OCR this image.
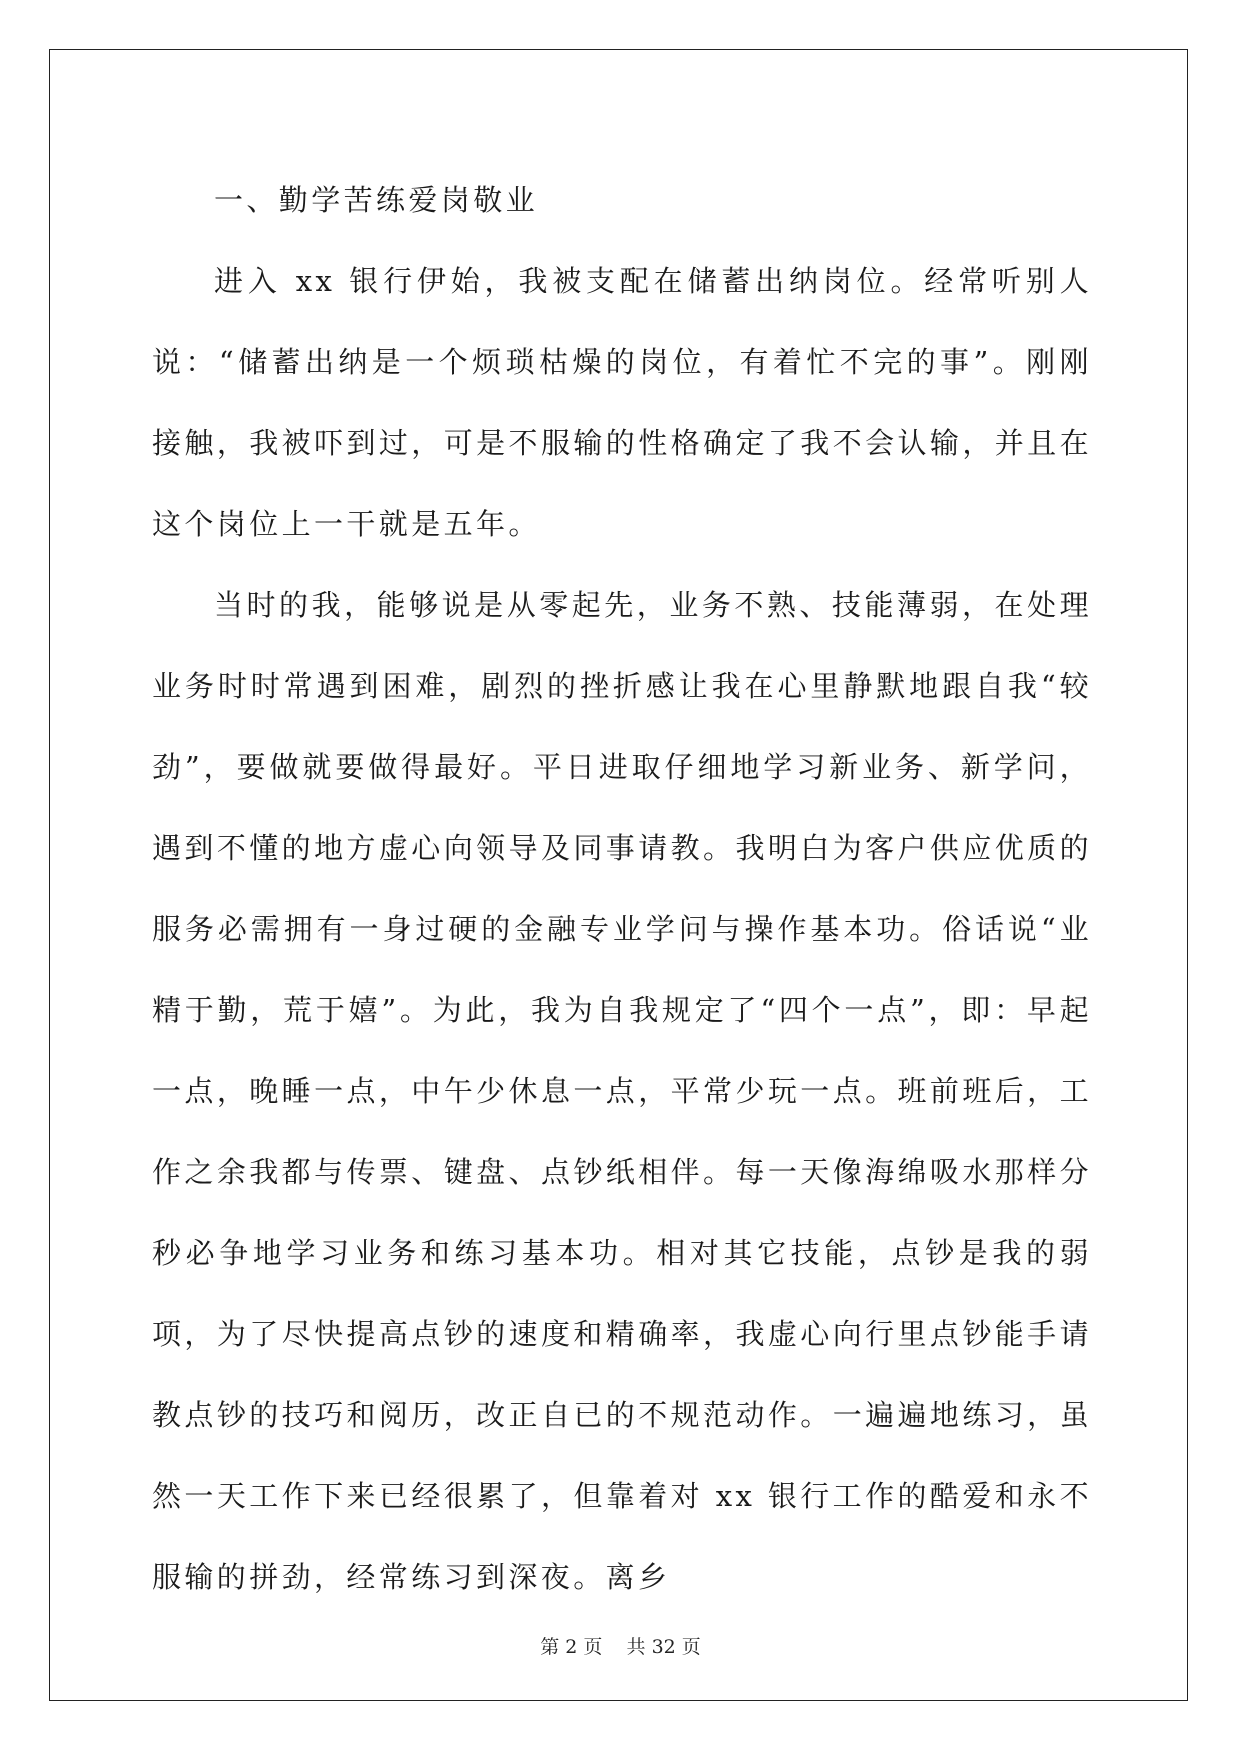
一、勤学苦练爱岗敬业

进入 xx 银行伊始，我被支配在储蓄出纳岗位。经常听别人说：“储蓄出纳是一个烦琐枯燥的岗位，有着忙不完的事”。刚刚接触，我被吓到过，可是不服输的性格确定了我不会认输，并且在这个岗位上一干就是五年。

当时的我，能够说是从零起先，业务不熟、技能薄弱，在处理业务时时常遇到困难，剧烈的挫折感让我在心里静默地跟自我“较劲”，要做就要做得最好。平日进取仔细地学习新业务、新学问，遇到不懂的地方虚心向领导及同事请教。我明白为客户供应优质的服务必需拥有一身过硬的金融专业学问与操作基本功。俗话说“业精于勤，荒于嬉”。为此，我为自我规定了“四个一点”，即：早起一点，晚睡一点，中午少休息一点，平常少玩一点。班前班后，工作之余我都与传票、键盘、点钞纸相伴。每一天像海绵吸水那样分秒必争地学习业务和练习基本功。相对其它技能，点钞是我的弱项，为了尽快提高点钞的速度和精确率，我虚心向行里点钞能手请教点钞的技巧和阅历，改正自已的不规范动作。一遍遍地练习，虽然一天工作下来已经很累了，但靠着对 xx 银行工作的酷爱和永不服输的拼劲，经常练习到深夜。离乡

第 2 页 共 32 页
